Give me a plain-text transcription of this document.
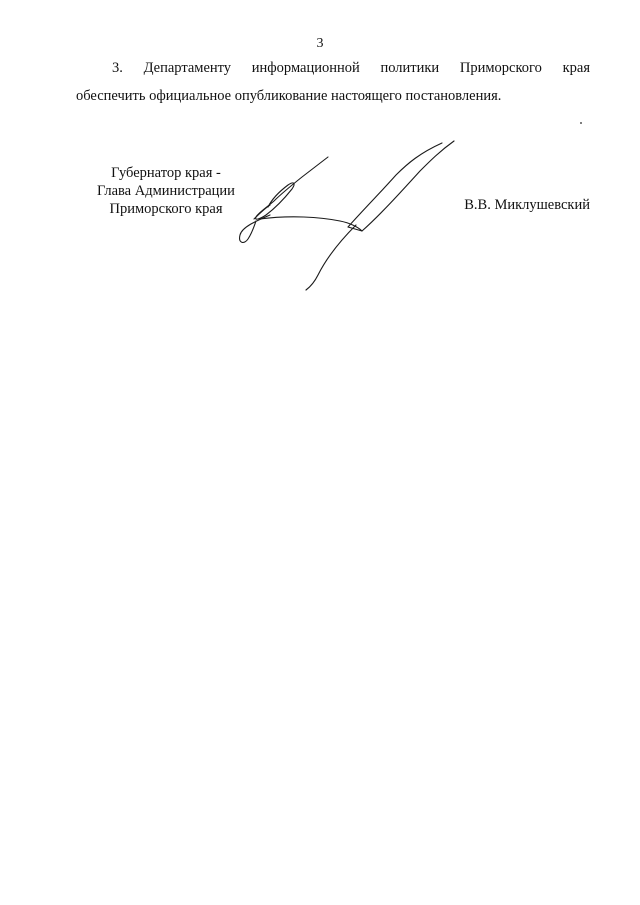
3
3. Департаменту информационной политики Приморского края
обеспечить официальное опубликование настоящего постановления.
Губернатор края -
Глава Администрации
Приморского края	В.В. Миклушевский
